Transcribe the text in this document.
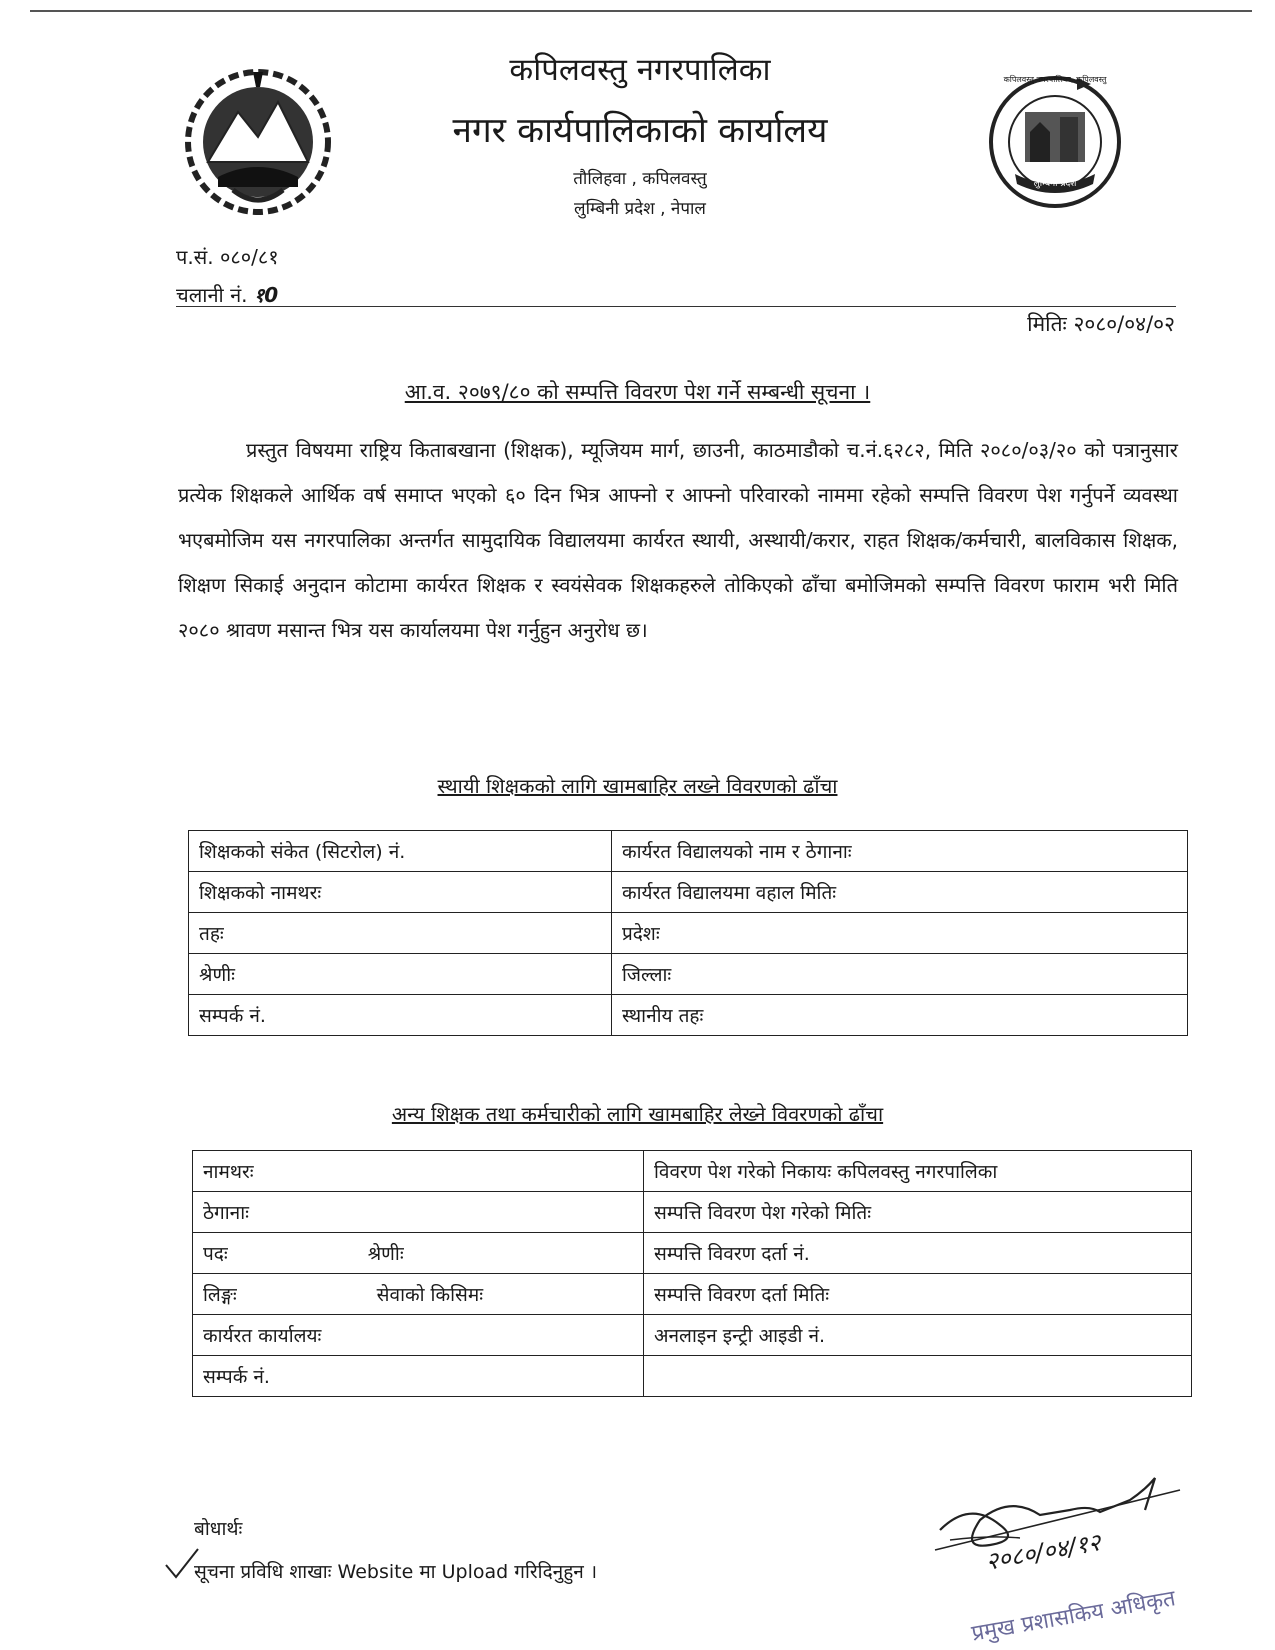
लुम्बिनी प्रदेश
कपिलवस्तु नगरपालिका, कपिलवस्तु
कपिलवस्तु नगरपालिका
नगर कार्यपालिकाको कार्यालय
तौलिहवा , कपिलवस्तु
लुम्बिनी प्रदेश , नेपाल
प.सं. ०८०/८१
चलानी नं. १0
मितिः २०८०/०४/०२
आ.व. २०७९/८० को सम्पत्ति विवरण पेश गर्ने सम्बन्धी सूचना ।
प्रस्तुत विषयमा राष्ट्रिय किताबखाना (शिक्षक), म्यूजियम मार्ग, छाउनी, काठमाडौको च.नं.६२८२, मिति २०८०/०३/२० को पत्रानुसार प्रत्येक शिक्षकले आर्थिक वर्ष समाप्त भएको ६० दिन भित्र आफ्नो र आफ्नो परिवारको नाममा रहेको सम्पत्ति विवरण पेश गर्नुपर्ने व्यवस्था भएबमोजिम यस नगरपालिका अन्तर्गत सामुदायिक विद्यालयमा कार्यरत स्थायी, अस्थायी/करार, राहत शिक्षक/कर्मचारी, बालविकास शिक्षक, शिक्षण सिकाई अनुदान कोटामा कार्यरत शिक्षक र स्वयंसेवक शिक्षकहरुले तोकिएको ढाँचा बमोजिमको सम्पत्ति विवरण फाराम भरी मिति २०८० श्रावण मसान्त भित्र यस कार्यालयमा पेश गर्नुहुन अनुरोध छ।
स्थायी शिक्षकको लागि खामबाहिर लख्ने विवरणको ढाँचा
शिक्षकको संकेत (सिटरोल) नं.	कार्यरत विद्यालयको नाम र ठेगानाः
शिक्षकको नामथरः	कार्यरत विद्यालयमा वहाल मितिः
तहः	प्रदेशः
श्रेणीः	जिल्लाः
सम्पर्क नं.	स्थानीय तहः
अन्य शिक्षक तथा कर्मचारीको लागि खामबाहिर लेख्ने विवरणको ढाँचा
नामथरः	विवरण पेश गरेको निकायः कपिलवस्तु नगरपालिका
ठेगानाः	सम्पत्ति विवरण पेश गरेको मितिः
पदः श्रेणीः	सम्पत्ति विवरण दर्ता नं.
लिङ्गः सेवाको किसिमः	सम्पत्ति विवरण दर्ता मितिः
कार्यरत कार्यालयः	अनलाइन इन्ट्री आइडी नं.
सम्पर्क नं.	
बोधार्थः
सूचना प्रविधि शाखाः Website मा Upload गरिदिनुहुन ।	२०८०/०४/१२
प्रमुख प्रशासकिय अधिकृत
